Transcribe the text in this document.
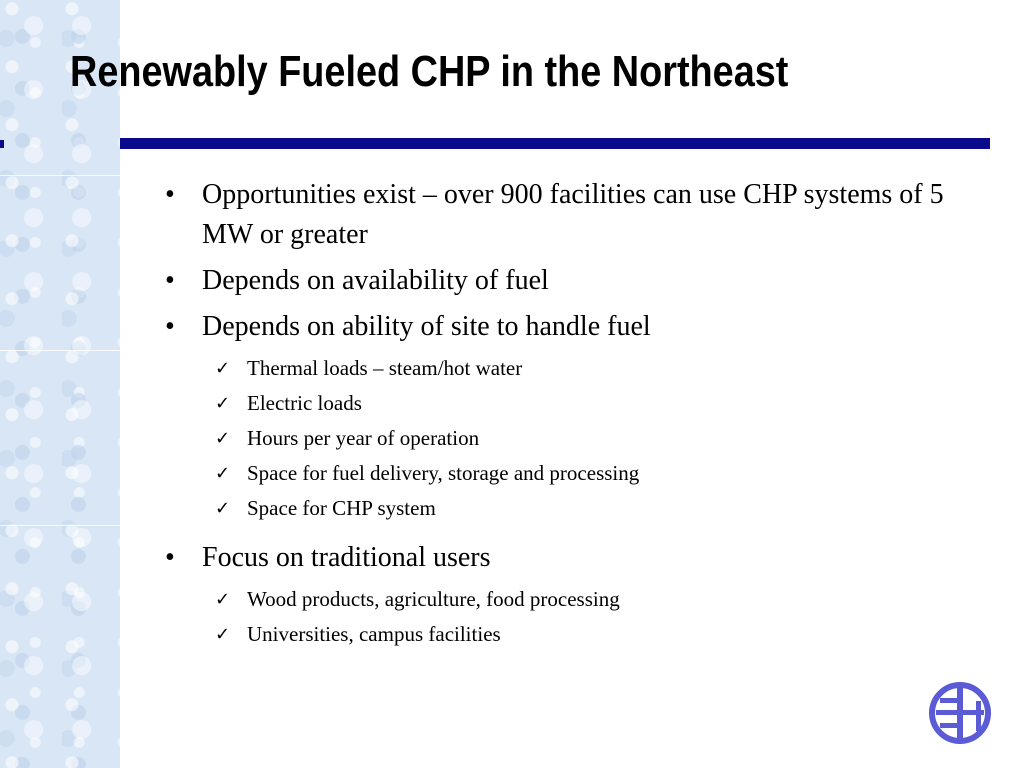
Renewably Fueled CHP in the Northeast
• Opportunities exist – over 900 facilities can use CHP systems of 5 MW or greater
• Depends on availability of fuel
• Depends on ability of site to handle fuel
✓ Thermal loads – steam/hot water
✓ Electric loads
✓ Hours per year of operation
✓ Space for fuel delivery, storage and processing
✓ Space for CHP system
• Focus on traditional users
✓ Wood products, agriculture, food processing
✓ Universities, campus facilities
